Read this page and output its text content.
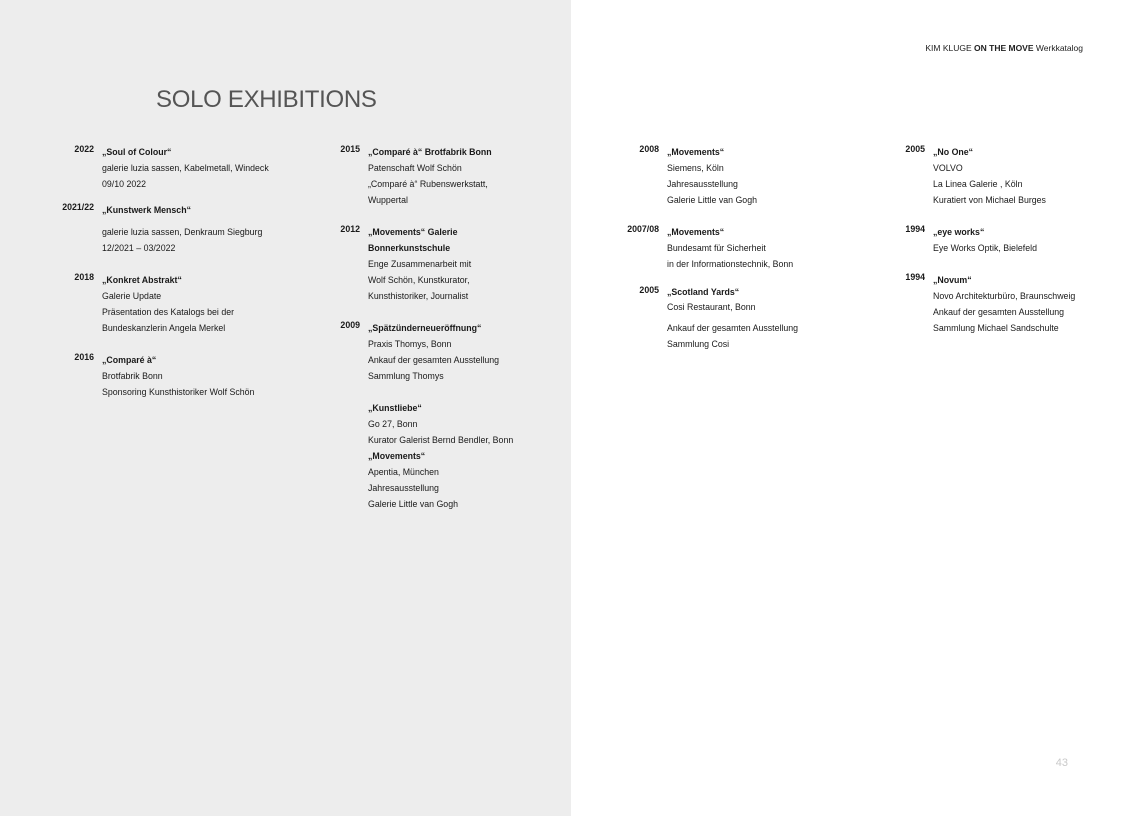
KIM KLUGE ON THE MOVE Werkkatalog
SOLO EXHIBITIONS
2022 „Soul of Colour“
galerie luzia sassen, Kabelmetall, Windeck
09/10 2022
2021/22 „Kunstwerk Mensch“
galerie luzia sassen, Denkraum Siegburg
12/2021 – 03/2022
2018 „Konkret Abstrakt“
Galerie Update
Präsentation des Katalogs bei der
Bundeskanzlerin Angela Merkel
2016 „Comparé à“
Brotfabrik Bonn
Sponsoring Kunsthistoriker Wolf Schön
2015 „Comparé à“ Brotfabrik Bonn
Patenschaft Wolf Schön
„Comparé à“ Rubenswerkstatt,
Wuppertal
2012 „Movements“ Galerie
Bonnerkunstschule
Enge Zusammenarbeit mit
Wolf Schön, Kunstkurator,
Kunsthistoriker, Journalist
2009 „Spätzünderneueröffnung“
Praxis Thomys, Bonn
Ankauf der gesamten Ausstellung
Sammlung Thomys
„Kunstliebe“
Go 27, Bonn
Kurator Galerist Bernd Bendler, Bonn
„Movements“
Apentia, München
Jahresausstellung
Galerie Little van Gogh
2008 „Movements“
Siemens, Köln
Jahresausstellung
Galerie Little van Gogh
2007/08 „Movements“
Bundesamt für Sicherheit
in der Informationstechnik, Bonn
2005 „Scotland Yards“
Cosi Restaurant, Bonn
Ankauf der gesamten Ausstellung
Sammlung Cosi
2005 „No One“
VOLVO
La Linea Galerie , Köln
Kuratiert von Michael Burges
1994 „eye works“
Eye Works Optik, Bielefeld
1994 „Novum“
Novo Architekturbüro, Braunschweig
Ankauf der gesamten Ausstellung
Sammlung Michael Sandschulte
43
